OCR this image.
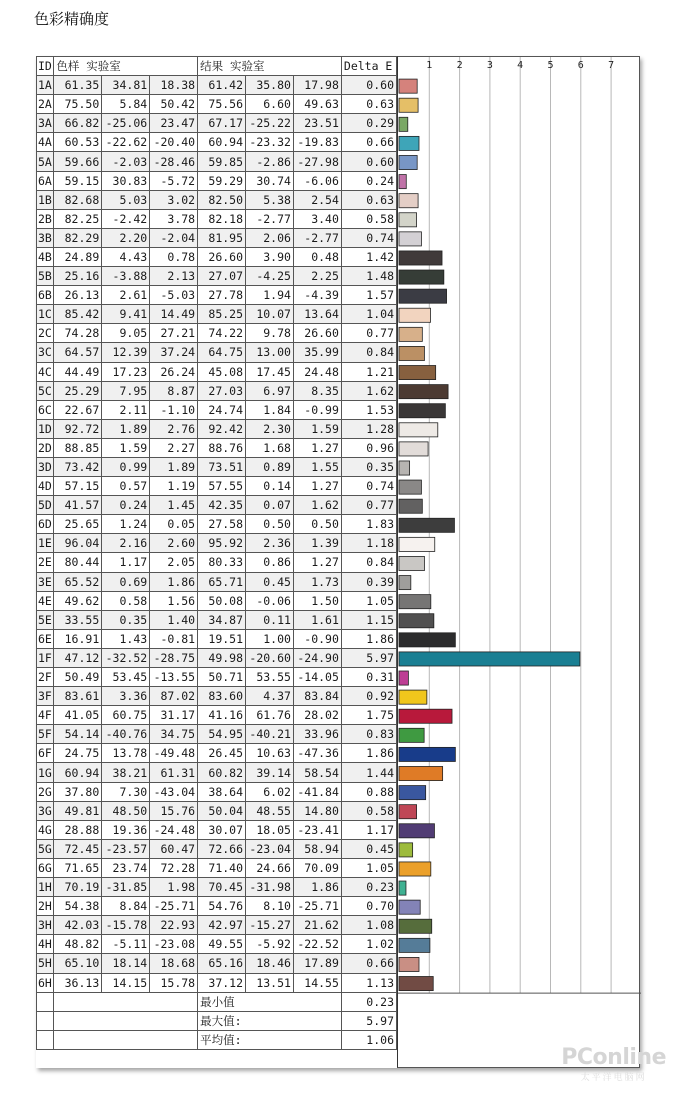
色彩精确度
ID	色样 实验室			结果 实验室			Delta E
1A	61.35	34.81	18.38	61.42	35.80	17.98	0.60
2A	75.50	5.84	50.42	75.56	6.60	49.63	0.63
3A	66.82	-25.06	23.47	67.17	-25.22	23.51	0.29
4A	60.53	-22.62	-20.40	60.94	-23.32	-19.83	0.66
5A	59.66	-2.03	-28.46	59.85	-2.86	-27.98	0.60
6A	59.15	30.83	-5.72	59.29	30.74	-6.06	0.24
1B	82.68	5.03	3.02	82.50	5.38	2.54	0.63
2B	82.25	-2.42	3.78	82.18	-2.77	3.40	0.58
3B	82.29	2.20	-2.04	81.95	2.06	-2.77	0.74
4B	24.89	4.43	0.78	26.60	3.90	0.48	1.42
5B	25.16	-3.88	2.13	27.07	-4.25	2.25	1.48
6B	26.13	2.61	-5.03	27.78	1.94	-4.39	1.57
1C	85.42	9.41	14.49	85.25	10.07	13.64	1.04
2C	74.28	9.05	27.21	74.22	9.78	26.60	0.77
3C	64.57	12.39	37.24	64.75	13.00	35.99	0.84
4C	44.49	17.23	26.24	45.08	17.45	24.48	1.21
5C	25.29	7.95	8.87	27.03	6.97	8.35	1.62
6C	22.67	2.11	-1.10	24.74	1.84	-0.99	1.53
1D	92.72	1.89	2.76	92.42	2.30	1.59	1.28
2D	88.85	1.59	2.27	88.76	1.68	1.27	0.96
3D	73.42	0.99	1.89	73.51	0.89	1.55	0.35
4D	57.15	0.57	1.19	57.55	0.14	1.27	0.74
5D	41.57	0.24	1.45	42.35	0.07	1.62	0.77
6D	25.65	1.24	0.05	27.58	0.50	0.50	1.83
1E	96.04	2.16	2.60	95.92	2.36	1.39	1.18
2E	80.44	1.17	2.05	80.33	0.86	1.27	0.84
3E	65.52	0.69	1.86	65.71	0.45	1.73	0.39
4E	49.62	0.58	1.56	50.08	-0.06	1.50	1.05
5E	33.55	0.35	1.40	34.87	0.11	1.61	1.15
6E	16.91	1.43	-0.81	19.51	1.00	-0.90	1.86
1F	47.12	-32.52	-28.75	49.98	-20.60	-24.90	5.97
2F	50.49	53.45	-13.55	50.71	53.55	-14.05	0.31
3F	83.61	3.36	87.02	83.60	4.37	83.84	0.92
4F	41.05	60.75	31.17	41.16	61.76	28.02	1.75
5F	54.14	-40.76	34.75	54.95	-40.21	33.96	0.83
6F	24.75	13.78	-49.48	26.45	10.63	-47.36	1.86
1G	60.94	38.21	61.31	60.82	39.14	58.54	1.44
2G	37.80	7.30	-43.04	38.64	6.02	-41.84	0.88
3G	49.81	48.50	15.76	50.04	48.55	14.80	0.58
4G	28.88	19.36	-24.48	30.07	18.05	-23.41	1.17
5G	72.45	-23.57	60.47	72.66	-23.04	58.94	0.45
6G	71.65	23.74	72.28	71.40	24.66	70.09	1.05
1H	70.19	-31.85	1.98	70.45	-31.98	1.86	0.23
2H	54.38	8.84	-25.71	54.76	8.10	-25.71	0.70
3H	42.03	-15.78	22.93	42.97	-15.27	21.62	1.08
4H	48.82	-5.11	-23.08	49.55	-5.92	-22.52	1.02
5H	65.10	18.14	18.68	65.16	18.46	17.89	0.66
6H	36.13	14.15	15.78	37.12	13.51	14.55	1.13
				最小值			0.23
				最大值:			5.97
				平均值:			1.06
1 2 3 4 5 6 7
PConline
太平洋电脑网
